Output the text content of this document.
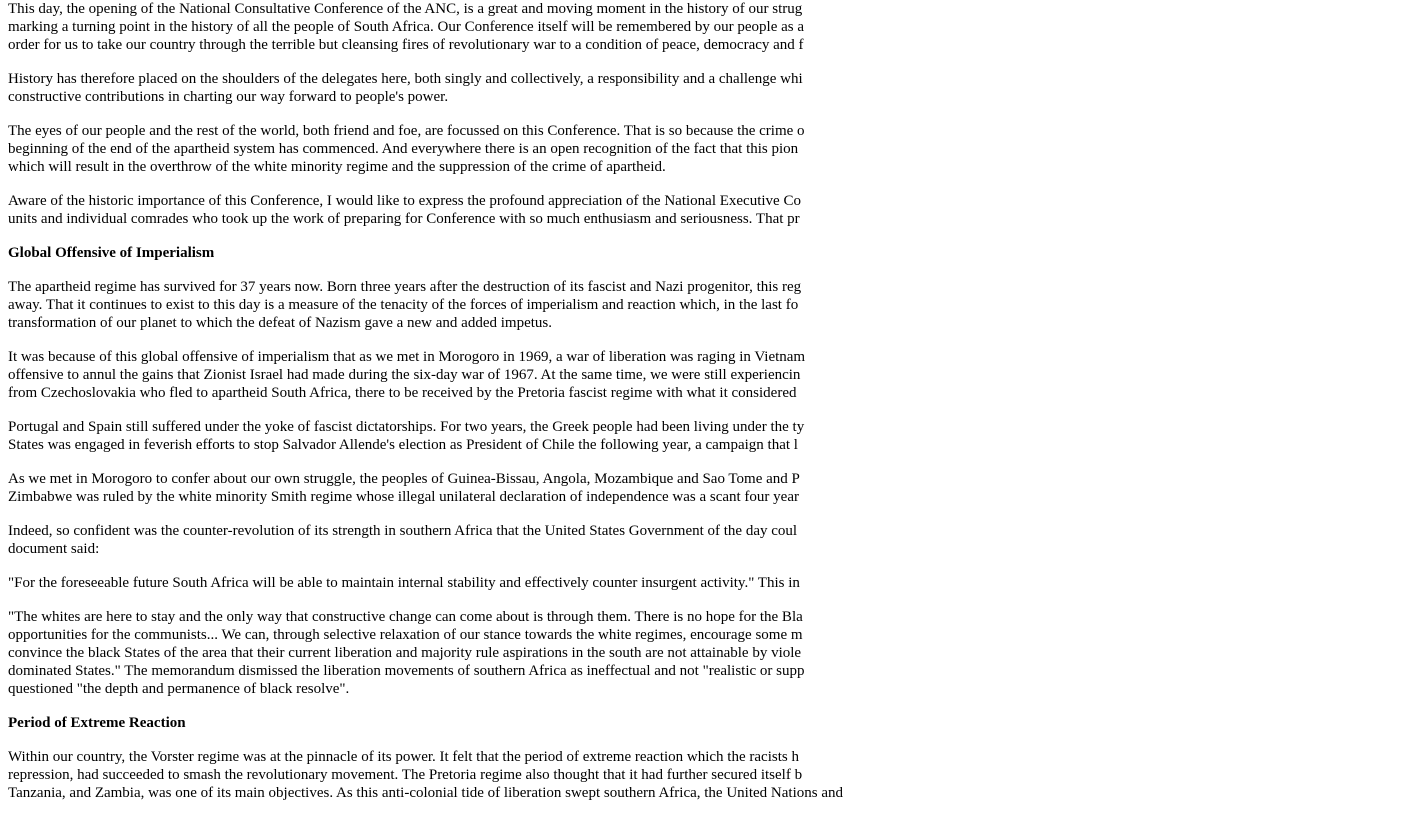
This day, the opening of the National Consultative Conference of the ANC, is a great and moving moment in the history of our strug
marking a turning point in the history of all the people of South Africa. Our Conference itself will be remembered by our people as a
order for us to take our country through the terrible but cleansing fires of revolutionary war to a condition of peace, democracy and f
History has therefore placed on the shoulders of the delegates here, both singly and collectively, a responsibility and a challenge whi
constructive contributions in charting our way forward to people's power.
The eyes of our people and the rest of the world, both friend and foe, are focussed on this Conference. That is so because the crime o
beginning of the end of the apartheid system has commenced. And everywhere there is an open recognition of the fact that this pion
which will result in the overthrow of the white minority regime and the suppression of the crime of apartheid.
Aware of the historic importance of this Conference, I would like to express the profound appreciation of the National Executive Co
units and individual comrades who took up the work of preparing for Conference with so much enthusiasm and seriousness. That pr
Global Offensive of Imperialism
The apartheid regime has survived for 37 years now. Born three years after the destruction of its fascist and Nazi progenitor, this reg
away. That it continues to exist to this day is a measure of the tenacity of the forces of imperialism and reaction which, in the last fo
transformation of our planet to which the defeat of Nazism gave a new and added impetus.
It was because of this global offensive of imperialism that as we met in Morogoro in 1969, a war of liberation was raging in Vietnam
offensive to annul the gains that Zionist Israel had made during the six-day war of 1967. At the same time, we were still experiencin
from Czechoslovakia who fled to apartheid South Africa, there to be received by the Pretoria fascist regime with what it considered
Portugal and Spain still suffered under the yoke of fascist dictatorships. For two years, the Greek people had been living under the ty
States was engaged in feverish efforts to stop Salvador Allende's election as President of Chile the following year, a campaign that l
As we met in Morogoro to confer about our own struggle, the peoples of Guinea-Bissau, Angola, Mozambique and Sao Tome and P
Zimbabwe was ruled by the white minority Smith regime whose illegal unilateral declaration of independence was a scant four year
Indeed, so confident was the counter-revolution of its strength in southern Africa that the United States Government of the day coul
document said:
"For the foreseeable future South Africa will be able to maintain internal stability and effectively counter insurgent activity." This in
"The whites are here to stay and the only way that constructive change can come about is through them. There is no hope for the Bla
opportunities for the communists... We can, through selective relaxation of our stance towards the white regimes, encourage some m
convince the black States of the area that their current liberation and majority rule aspirations in the south are not attainable by viole
dominated States." The memorandum dismissed the liberation movements of southern Africa as ineffectual and not "realistic or supp
questioned "the depth and permanence of black resolve".
Period of Extreme Reaction
Within our country, the Vorster regime was at the pinnacle of its power. It felt that the period of extreme reaction which the racists h
repression, had succeeded to smash the revolutionary movement. The Pretoria regime also thought that it had further secured itself b
Tanzania, and Zambia, was one of its main objectives. As this anti-colonial tide of liberation swept southern Africa, the United Nations and
